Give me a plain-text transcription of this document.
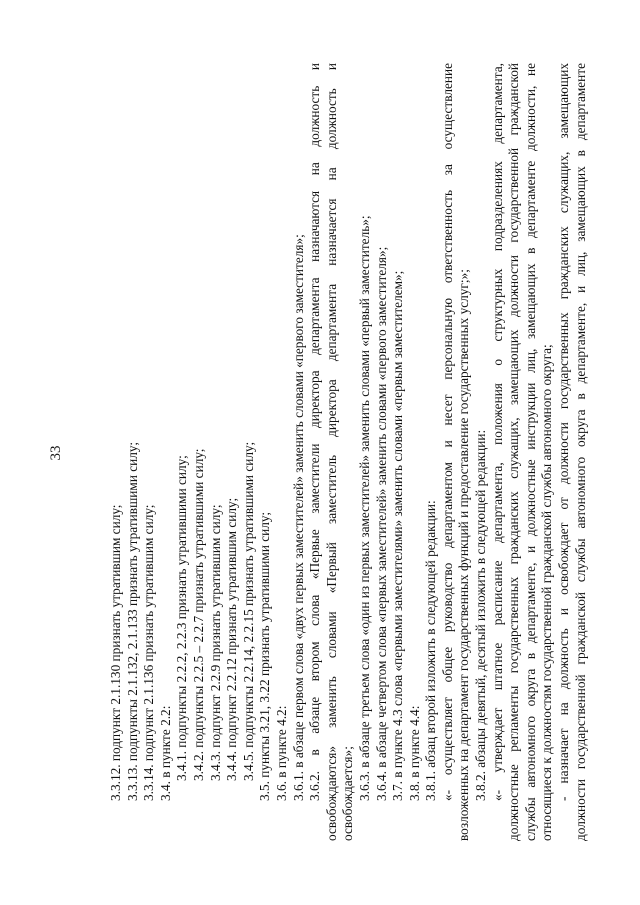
33
3.3.12. подпункт 2.1.130 признать утратившим силу; 3.3.13. подпункты 2.1.132, 2.1.133 признать утратившими силу; 3.3.14. подпункт 2.1.136 признать утратившим силу; 3.4. в пункте 2.2: 3.4.1. подпункты 2.2.2, 2.2.3 признать утратившими силу; 3.4.2. подпункты 2.2.5 – 2.2.7 признать утратившими силу; 3.4.3. подпункт 2.2.9 признать утратившим силу; 3.4.4. подпункт 2.2.12 признать утратившим силу; 3.4.5. подпункты 2.2.14, 2.2.15 признать утратившими силу; 3.5. пункты 3.21, 3.22 признать утратившими силу; 3.6. в пункте 4.2: 3.6.1. в абзаце первом слова «двух первых заместителей» заменить словами «первого заместителя»; 3.6.2. в абзаце втором слова «Первые заместители директора департамента назначаются на должность и освобождаются» заменить словами «Первый заместитель директора департамента назначается на должность и освобождается»; 3.6.3. в абзаце третьем слова «один из первых заместителей» заменить словами «первый заместитель»; 3.6.4. в абзаце четвертом слова «первых заместителей» заменить словами «первого заместителя»; 3.7. в пункте 4.3 слова «первыми заместителями» заменить словами «первым заместителем»; 3.8. в пункте 4.4: 3.8.1. абзац второй изложить в следующей редакции: «- осуществляет общее руководство департаментом и несет персональную ответственность за осуществление возложенных на департамент государственных функций и предоставление государственных услуг;»; 3.8.2. абзацы девятый, десятый изложить в следующей редакции: «- утверждает штатное расписание департамента, положения о структурных подразделениях департамента, должностные регламенты государственных гражданских служащих, замещающих должности государственной гражданской службы автономного округа в департаменте, и должностные инструкции лиц, замещающих в департаменте должности, не относящиеся к должностям государственной гражданской службы автономного округа; - назначает на должность и освобождает от должности государственных гражданских служащих, замещающих должности государственной гражданской службы автономного округа в департаменте, и лиц, замещающих в департаменте
